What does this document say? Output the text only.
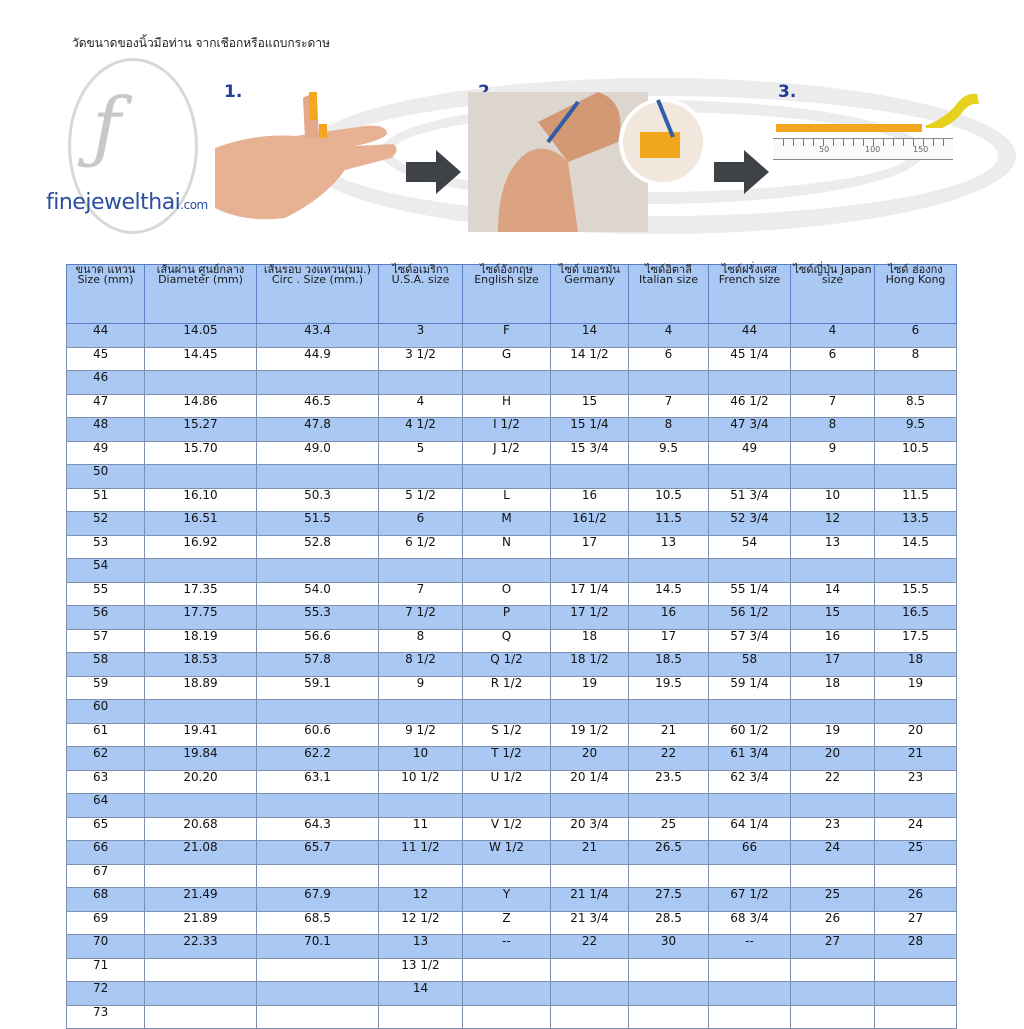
วัดขนาดของนิ้วมือท่าน จากเชือกหรือแถบกระดาษ
ƒ
finejewelthai.com
1.	3.
50	100	150
ขนาด แหวน Size (mm)	เส้นผ่าน ศูนย์กลาง Diameter (mm)	เส้นรอบ วงแหวน(มม.) Circ . Size (mm.)	ไซด์อเมริกา U.S.A. size	ไซด์อังกฤษ English size	ไซด์ เยอรมัน Germany	ไซด์อิตาลี Italian size	ไซด์ฝรั่งเศส French size	ไซด์ญี่ปุ่น Japan size	ไซด์ ฮ่องกง Hong Kong
44	14.05	43.4	3	F	14	4	44	4	6
45	14.45	44.9	3 1/2	G	14 1/2	6	45 1/4	6	8
46									
47	14.86	46.5	4	H	15	7	46 1/2	7	8.5
48	15.27	47.8	4 1/2	I 1/2	15 1/4	8	47 3/4	8	9.5
49	15.70	49.0	5	J 1/2	15 3/4	9.5	49	9	10.5
50									
51	16.10	50.3	5 1/2	L	16	10.5	51 3/4	10	11.5
52	16.51	51.5	6	M	161/2	11.5	52 3/4	12	13.5
53	16.92	52.8	6 1/2	N	17	13	54	13	14.5
54									
55	17.35	54.0	7	O	17 1/4	14.5	55 1/4	14	15.5
56	17.75	55.3	7 1/2	P	17 1/2	16	56 1/2	15	16.5
57	18.19	56.6	8	Q	18	17	57 3/4	16	17.5
58	18.53	57.8	8 1/2	Q 1/2	18 1/2	18.5	58	17	18
59	18.89	59.1	9	R 1/2	19	19.5	59 1/4	18	19
60									
61	19.41	60.6	9 1/2	S 1/2	19 1/2	21	60 1/2	19	20
62	19.84	62.2	10	T 1/2	20	22	61 3/4	20	21
63	20.20	63.1	10 1/2	U 1/2	20 1/4	23.5	62 3/4	22	23
64									
65	20.68	64.3	11	V 1/2	20 3/4	25	64 1/4	23	24
66	21.08	65.7	11 1/2	W 1/2	21	26.5	66	24	25
67									
68	21.49	67.9	12	Y	21 1/4	27.5	67 1/2	25	26
69	21.89	68.5	12 1/2	Z	21 3/4	28.5	68 3/4	26	27
70	22.33	70.1	13	--	22	30	--	27	28
71			13 1/2						
72			14						
73									
